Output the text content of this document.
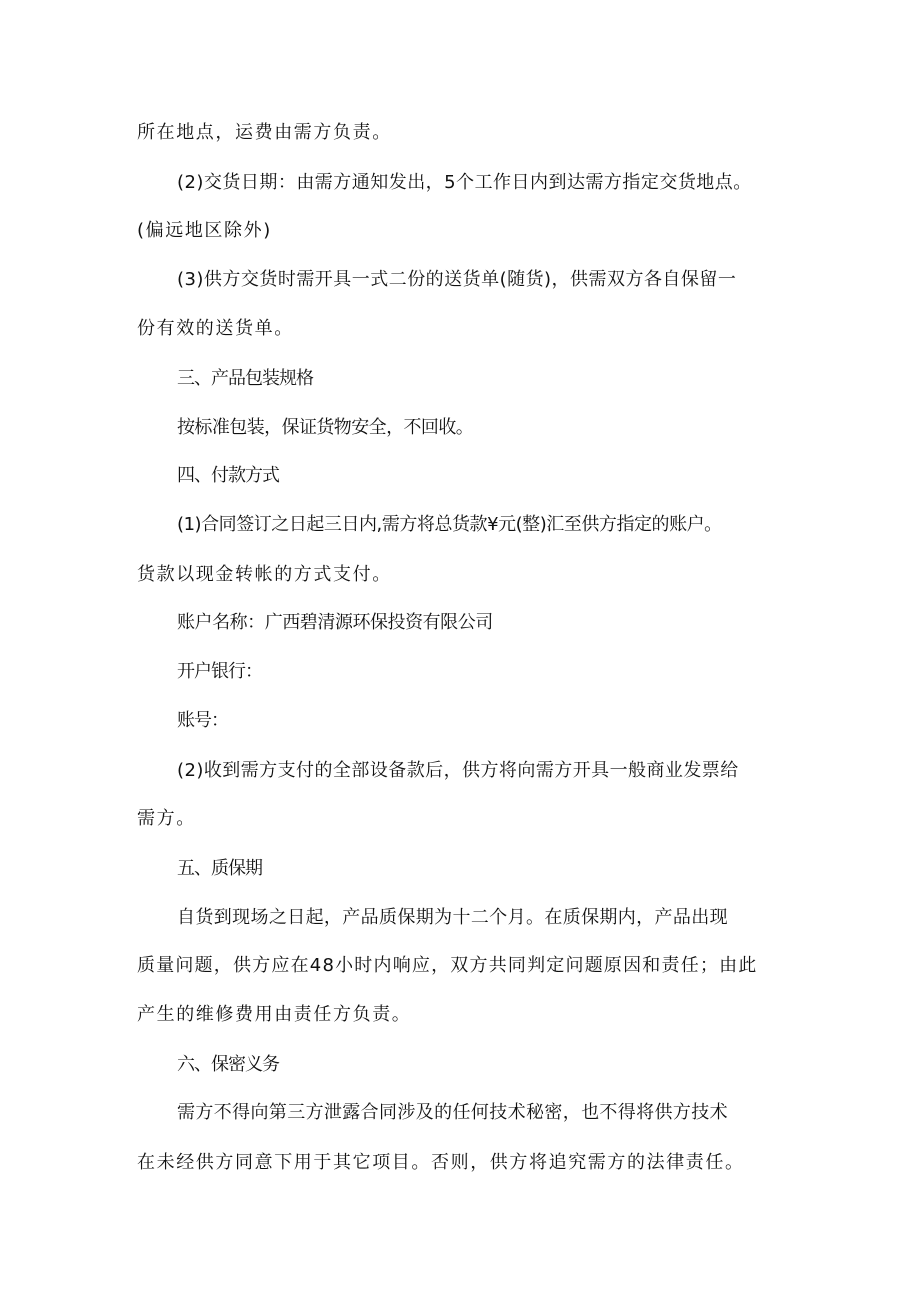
所在地点，运费由需方负责。
(2)交货日期：由需方通知发出，5个工作日内到达需方指定交货地点。
(偏远地区除外)
(3)供方交货时需开具一式二份的送货单(随货)，供需双方各自保留一
份有效的送货单。
三、产品包装规格
按标准包装，保证货物安全，不回收。
四、付款方式
(1)合同签订之日起三日内,需方将总货款¥元(整)汇至供方指定的账户。
货款以现金转帐的方式支付。
账户名称：广西碧清源环保投资有限公司
开户银行：
账号：
(2)收到需方支付的全部设备款后，供方将向需方开具一般商业发票给
需方。
五、质保期
自货到现场之日起，产品质保期为十二个月。在质保期内，产品出现
质量问题，供方应在48小时内响应，双方共同判定问题原因和责任；由此
产生的维修费用由责任方负责。
六、保密义务
需方不得向第三方泄露合同涉及的任何技术秘密，也不得将供方技术
在未经供方同意下用于其它项目。否则，供方将追究需方的法律责任。
